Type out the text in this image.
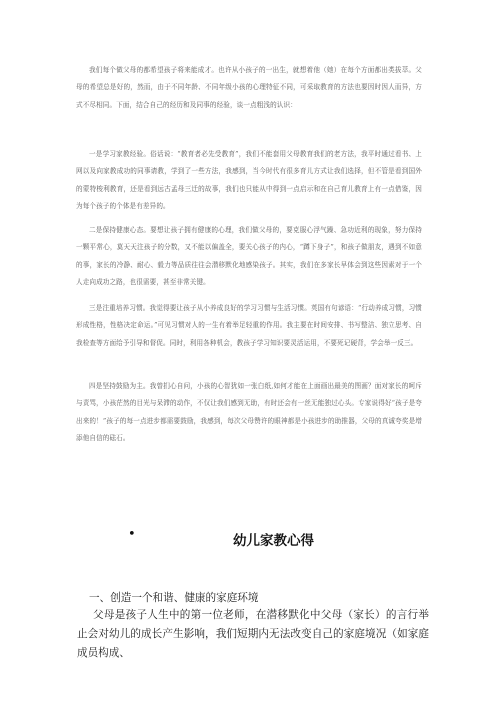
我们每个做父母的都希望孩子将来能成才。也许从小孩子的一出生，就想着他（她）在每个方面都出类拔萃。父母的希望总是好的，然而，由于不同年龄、不同年级小孩的心理特征不同，可采取教育的方法也要因时因人而异，方式不尽相同。下面，结合自己的经历和及同事的经验，谈一点粗浅的认识：
一是学习家教经验。俗话说：“教育者必先受教育”，我们不能套用父母教育我们的老方法，我平时通过看书、上网以及向家教成功的同事请教，学到了一些方法，我感到，当今时代有很多育儿方式让我们选择，但不管是看到国外的蒙特梭利教育，还是看到远古孟母三迁的故事，我们也只能从中得到一点启示和在自己育儿教育上有一点借鉴，因为每个孩子的个体是有差异的。
二是保持健康心态。要想让孩子拥有健康的心理，我们做父母的，要克服心浮气躁、急功近利的现象，努力保持一颗平常心，莫天天注孩子的分数，又不能以偏盖全，要关心孩子的内心，“蹲下身子”，和孩子做朋友，遇到不如意的事，家长的冷静、耐心、毅力等品质往往会潜移默化地感染孩子。其实，我们在多家长早体会到这些因素对于一个人走向成功之路，也很需要，甚至非常关键。
三是注重培养习惯。我觉得要让孩子从小养成良好的学习习惯与生活习惯。英国有句谚语：“行动养成习惯，习惯形成性格，性格决定命运。”可见习惯对人的一生有着举足轻重的作用。我主要在时间安排、书写整洁、独立思考、自我检查等方面给予引导和督促。同时，利用各种机会，教孩子学习知识要灵活运用，不要死记硬背，学会举一反三。
四是坚持鼓励为主。我曾扪心自问，小孩的心智犹如一张白纸,如何才能在上面画出最美的图画？面对家长的呵斥与责骂，小孩茫然的目光与呆滞的动作，不仅让我们感到无助，有时还会有一丝无能独过心头。专家说得好“孩子是夸出来的！”孩子的每一点进步都需要鼓励，我感到，每次父母赞许的眼神都是小孩进步的助推器，父母的真诚夸奖是增添他自信的砝石。
•	幼儿家教心得
一、创造一个和谐、健康的家庭环境
父母是孩子人生中的第一位老师，在潜移默化中父母（家长）的言行举止会对幼儿的成长产生影响，我们短期内无法改变自己的家庭境况（如家庭成员构成、
